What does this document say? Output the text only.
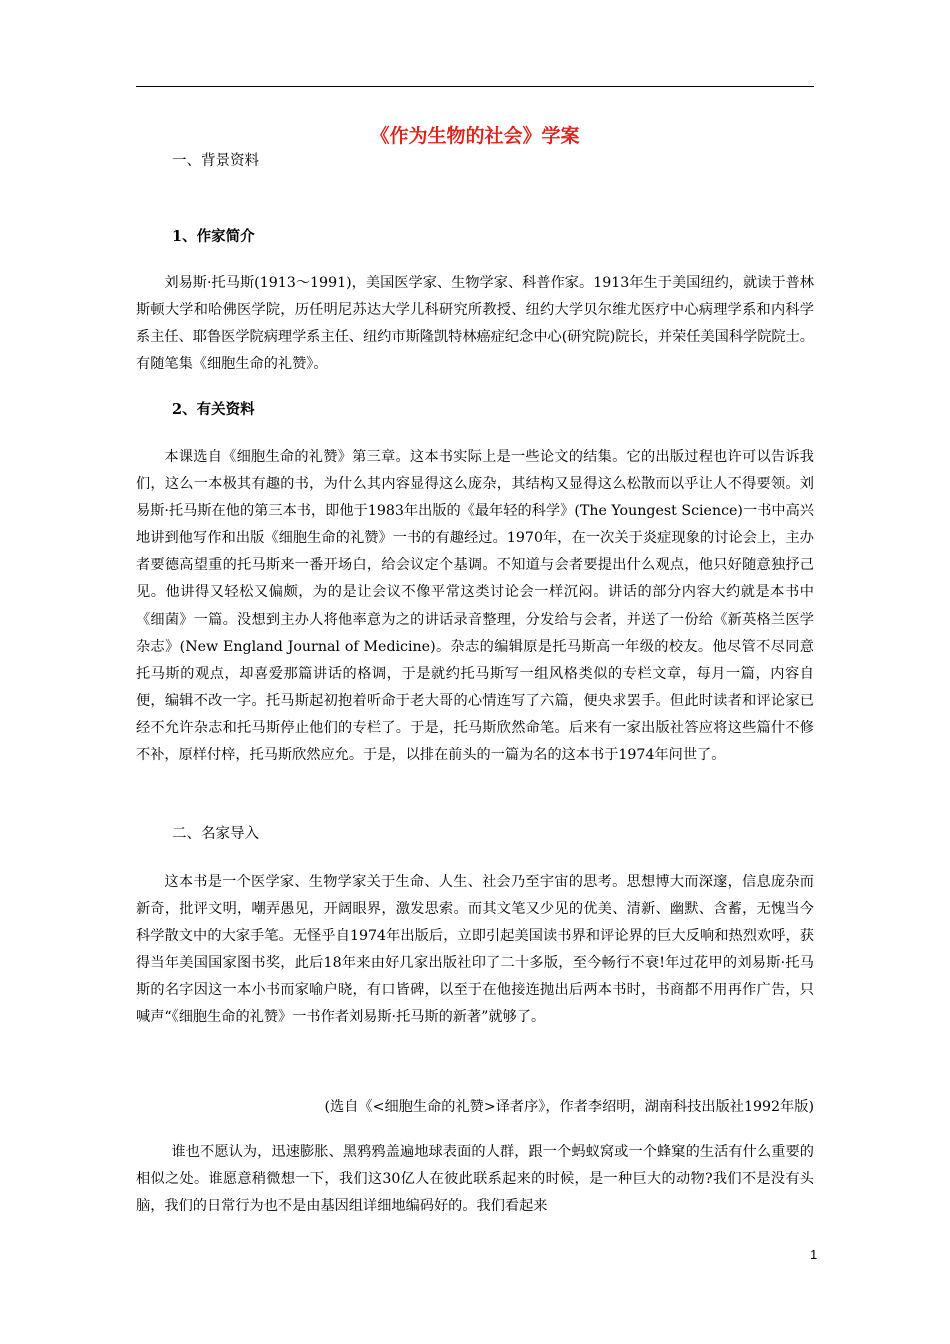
《作为生物的社会》学案
一、背景资料
1、作家简介

刘易斯·托马斯(1913～1991)，美国医学家、生物学家、科普作家。1913年生于美国纽约，就读于普林斯顿大学和哈佛医学院，历任明尼苏达大学儿科研究所教授、纽约大学贝尔维尤医疗中心病理学系和内科学系主任、耶鲁医学院病理学系主任、纽约市斯隆凯特林癌症纪念中心(研究院)院长，并荣任美国科学院院士。有随笔集《细胞生命的礼赞》。

2、有关资料

本课选自《细胞生命的礼赞》第三章。这本书实际上是一些论文的结集。它的出版过程也许可以告诉我们，这么一本极其有趣的书，为什么其内容显得这么庞杂，其结构又显得这么松散而以乎让人不得要领。刘易斯·托马斯在他的第三本书，即他于1983年出版的《最年轻的科学》(The Youngest Science)一书中高兴地讲到他写作和出版《细胞生命的礼赞》一书的有趣经过。1970年，在一次关于炎症现象的讨论会上，主办者要德高望重的托马斯来一番开场白，给会议定个基调。不知道与会者要提出什么观点，他只好随意独抒己见。他讲得又轻松又偏颇，为的是让会议不像平常这类讨论会一样沉闷。讲话的部分内容大约就是本书中《细菌》一篇。没想到主办人将他率意为之的讲话录音整理，分发给与会者，并送了一份给《新英格兰医学杂志》(New England Journal of Medicine)。杂志的编辑原是托马斯高一年级的校友。他尽管不尽同意托马斯的观点，却喜爱那篇讲话的格调，于是就约托马斯写一组风格类似的专栏文章，每月一篇，内容自便，编辑不改一字。托马斯起初抱着听命于老大哥的心情连写了六篇，便央求罢手。但此时读者和评论家已经不允许杂志和托马斯停止他们的专栏了。于是，托马斯欣然命笔。后来有一家出版社答应将这些篇什不修不补，原样付梓，托马斯欣然应允。于是，以排在前头的一篇为名的这本书于1974年问世了。

二、名家导入

这本书是一个医学家、生物学家关于生命、人生、社会乃至宇宙的思考。思想博大而深邃，信息庞杂而新奇，批评文明，嘲弄愚见，开阔眼界，激发思索。而其文笔又少见的优美、清新、幽默、含蓄，无愧当今科学散文中的大家手笔。无怪乎自1974年出版后，立即引起美国读书界和评论界的巨大反响和热烈欢呼，获得当年美国国家图书奖，此后18年来由好几家出版社印了二十多版，至今畅行不衰!年过花甲的刘易斯·托马斯的名字因这一本小书而家喻户晓，有口皆碑，以至于在他接连抛出后两本书时，书商都不用再作广告，只喊声“《细胞生命的礼赞》一书作者刘易斯·托马斯的新著”就够了。

(选自《<细胞生命的礼赞>译者序》，作者李绍明，湖南科技出版社1992年版)

谁也不愿认为，迅速膨胀、黑鸦鸦盖遍地球表面的人群，跟一个蚂蚁窝或一个蜂窠的生活有什么重要的相似之处。谁愿意稍微想一下，我们这30亿人在彼此联系起来的时候，是一种巨大的动物?我们不是没有头脑，我们的日常行为也不是由基因组详细地编码好的。我们看起来

1
